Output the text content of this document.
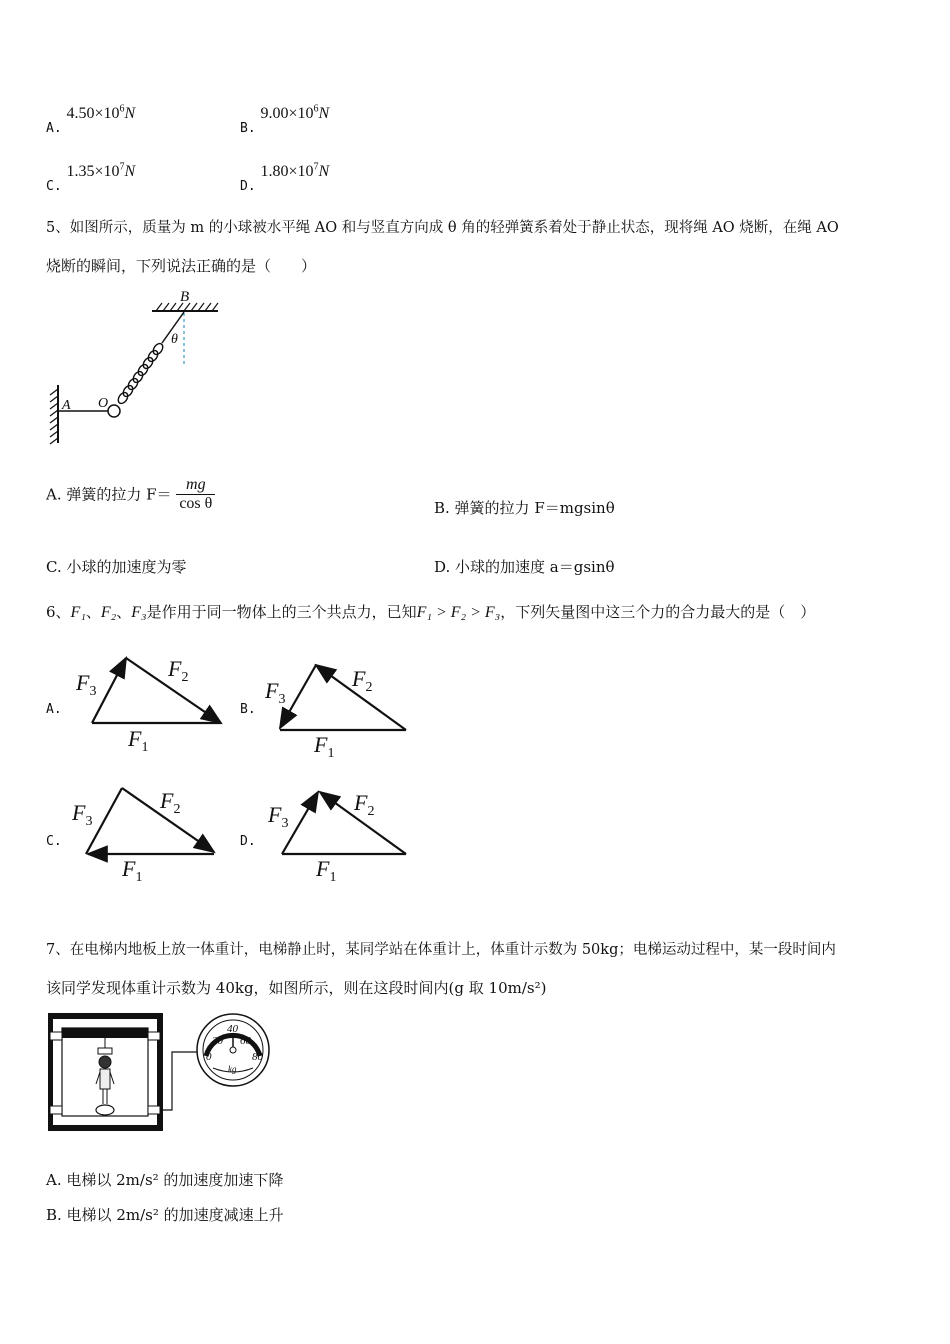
A. $4.50\times 10^6N$
B. $9.00\times 10^6N$
C. $1.35\times 10^7N$
D. $1.80\times 10^7N$
5、如图所示，质量为 m 的小球被水平绳 AO 和与竖直方向成 θ 角的轻弹簧系着处于静止状态，现将绳 AO 烧断，在绳 AO
烧断的瞬间，下列说法正确的是（　　）
B
θ
A O
A. 弹簧的拉力 $F= \frac{mg}{\text{cos θ}}$	B. 弹簧的拉力 F＝mgsinθ
C. 小球的加速度为零	D. 小球的加速度 a＝gsinθ
6、F₁、F₂、F₃是作用于同一物体上的三个共点力，已知F₁ > F₂ > F₃，下列矢量图中这三个力的合力最大的是（　）
A.	B.
C.	D.
$F_3$
$F_2$
$F_1$
$F_3$
$F_2$
$F_1$
$F_3$
$F_2$
$F_1$
$F_3$
$F_2$
$F_1$
7、在电梯内地板上放一体重计，电梯静止时，某同学站在体重计上，体重计示数为 50kg；电梯运动过程中，某一段时间内
该同学发现体重计示数为 40kg，如图所示，则在这段时间内(g 取 10m/s²)
40
20 60
0	80
kg
A. 电梯以 2m/s² 的加速度加速下降
B. 电梯以 2m/s² 的加速度减速上升
